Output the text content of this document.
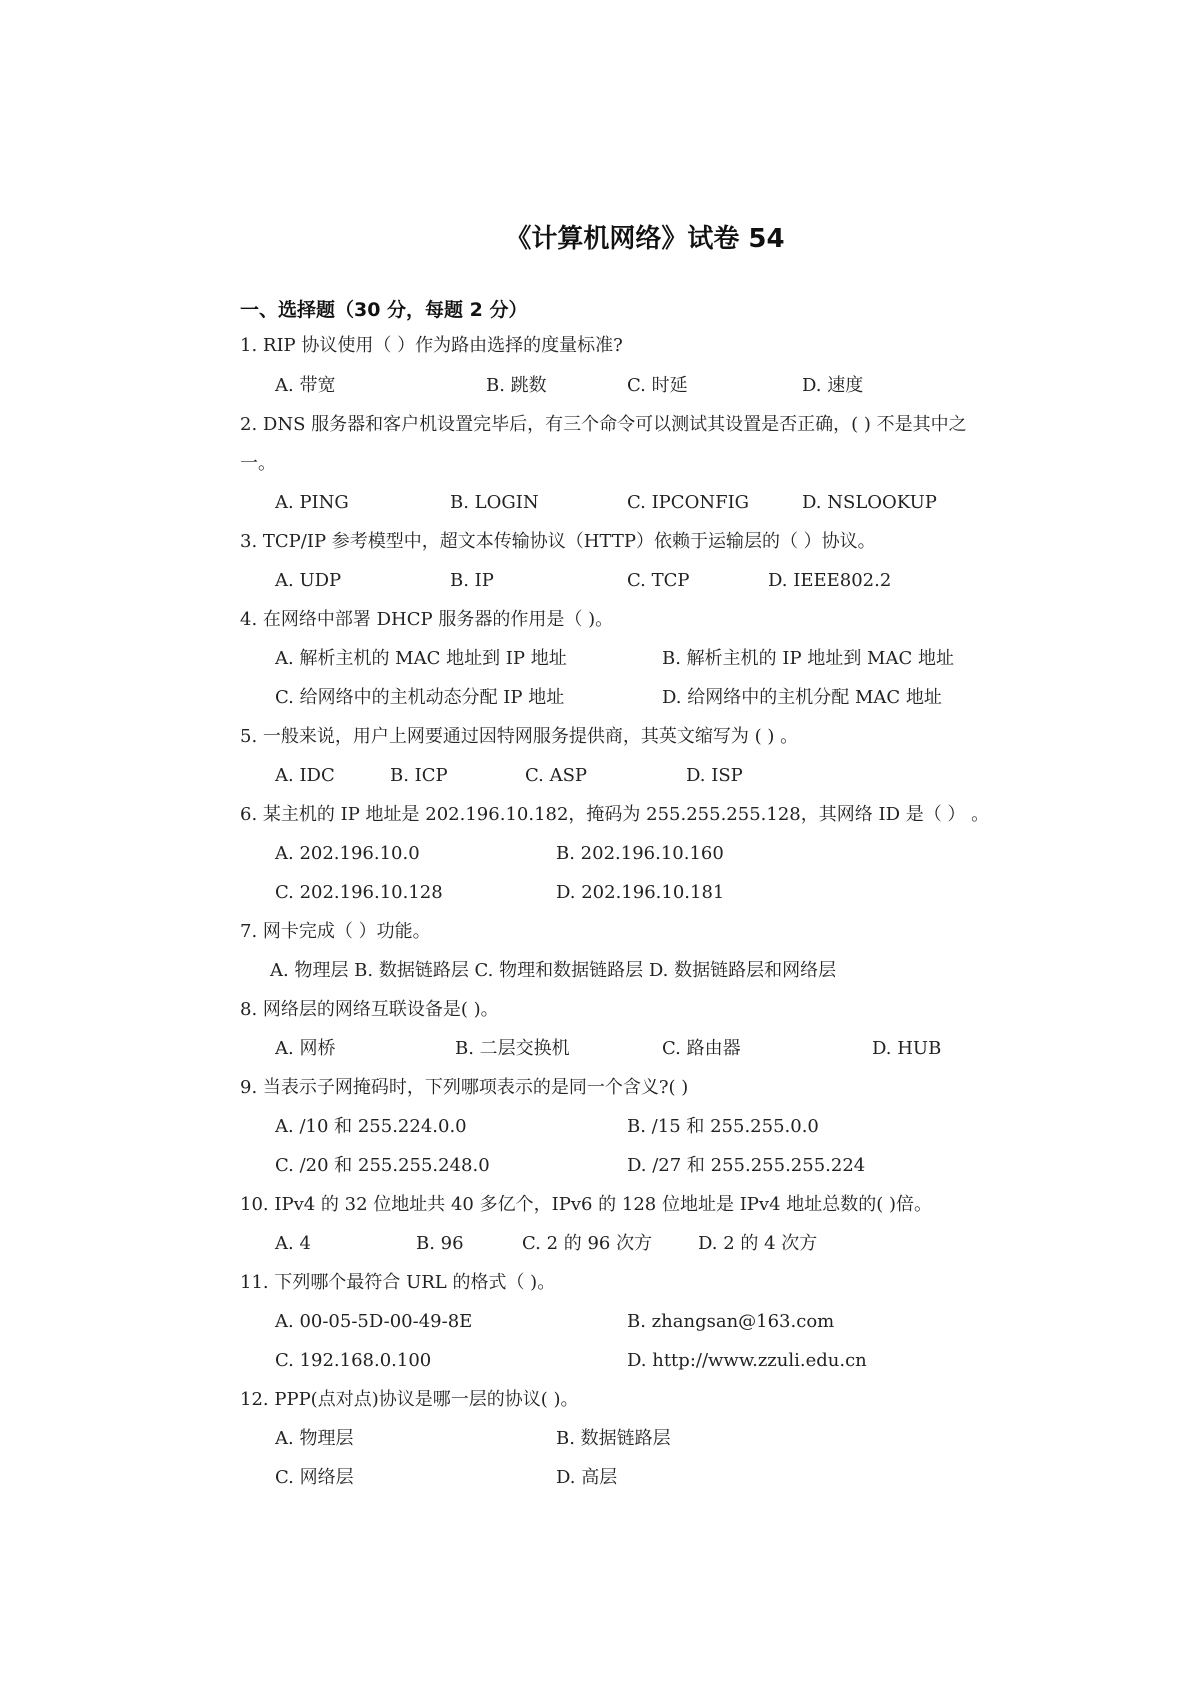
《计算机网络》试卷 54
一、选择题（30 分，每题 2 分）
1. RIP 协议使用（ ）作为路由选择的度量标准?
A. 带宽	B. 跳数	C. 时延	D. 速度
2. DNS 服务器和客户机设置完毕后，有三个命令可以测试其设置是否正确，( ) 不是其中之
一。
A. PING	B. LOGIN	C. IPCONFIG	D. NSLOOKUP
3. TCP/IP 参考模型中，超文本传输协议（HTTP）依赖于运输层的（ ）协议。
A. UDP	B. IP	C. TCP	D. IEEE802.2
4. 在网络中部署 DHCP 服务器的作用是（ )。
A. 解析主机的 MAC 地址到 IP 地址	B. 解析主机的 IP 地址到 MAC 地址
C. 给网络中的主机动态分配 IP 地址	D. 给网络中的主机分配 MAC 地址
5. 一般来说，用户上网要通过因特网服务提供商，其英文缩写为 ( ) 。
A. IDC	B. ICP	C. ASP	D. ISP
6. 某主机的 IP 地址是 202.196.10.182，掩码为 255.255.255.128，其网络 ID 是（ ） 。
A. 202.196.10.0	B. 202.196.10.160
C. 202.196.10.128	D. 202.196.10.181
7. 网卡完成（ ）功能。
A. 物理层 B. 数据链路层 C. 物理和数据链路层 D. 数据链路层和网络层
8. 网络层的网络互联设备是( )。
A. 网桥	B. 二层交换机	C. 路由器	D. HUB
9. 当表示子网掩码时，下列哪项表示的是同一个含义?( )
A. /10 和 255.224.0.0	B. /15 和 255.255.0.0
C. /20 和 255.255.248.0	D. /27 和 255.255.255.224
10. IPv4 的 32 位地址共 40 多亿个，IPv6 的 128 位地址是 IPv4 地址总数的( )倍。
A. 4	B. 96	C. 2 的 96 次方	D. 2 的 4 次方
11. 下列哪个最符合 URL 的格式（ )。
A. 00-05-5D-00-49-8E	B. zhangsan@163.com
C. 192.168.0.100	D. http://www.zzuli.edu.cn
12. PPP(点对点)协议是哪一层的协议( )。
A. 物理层	B. 数据链路层
C. 网络层	D. 高层
